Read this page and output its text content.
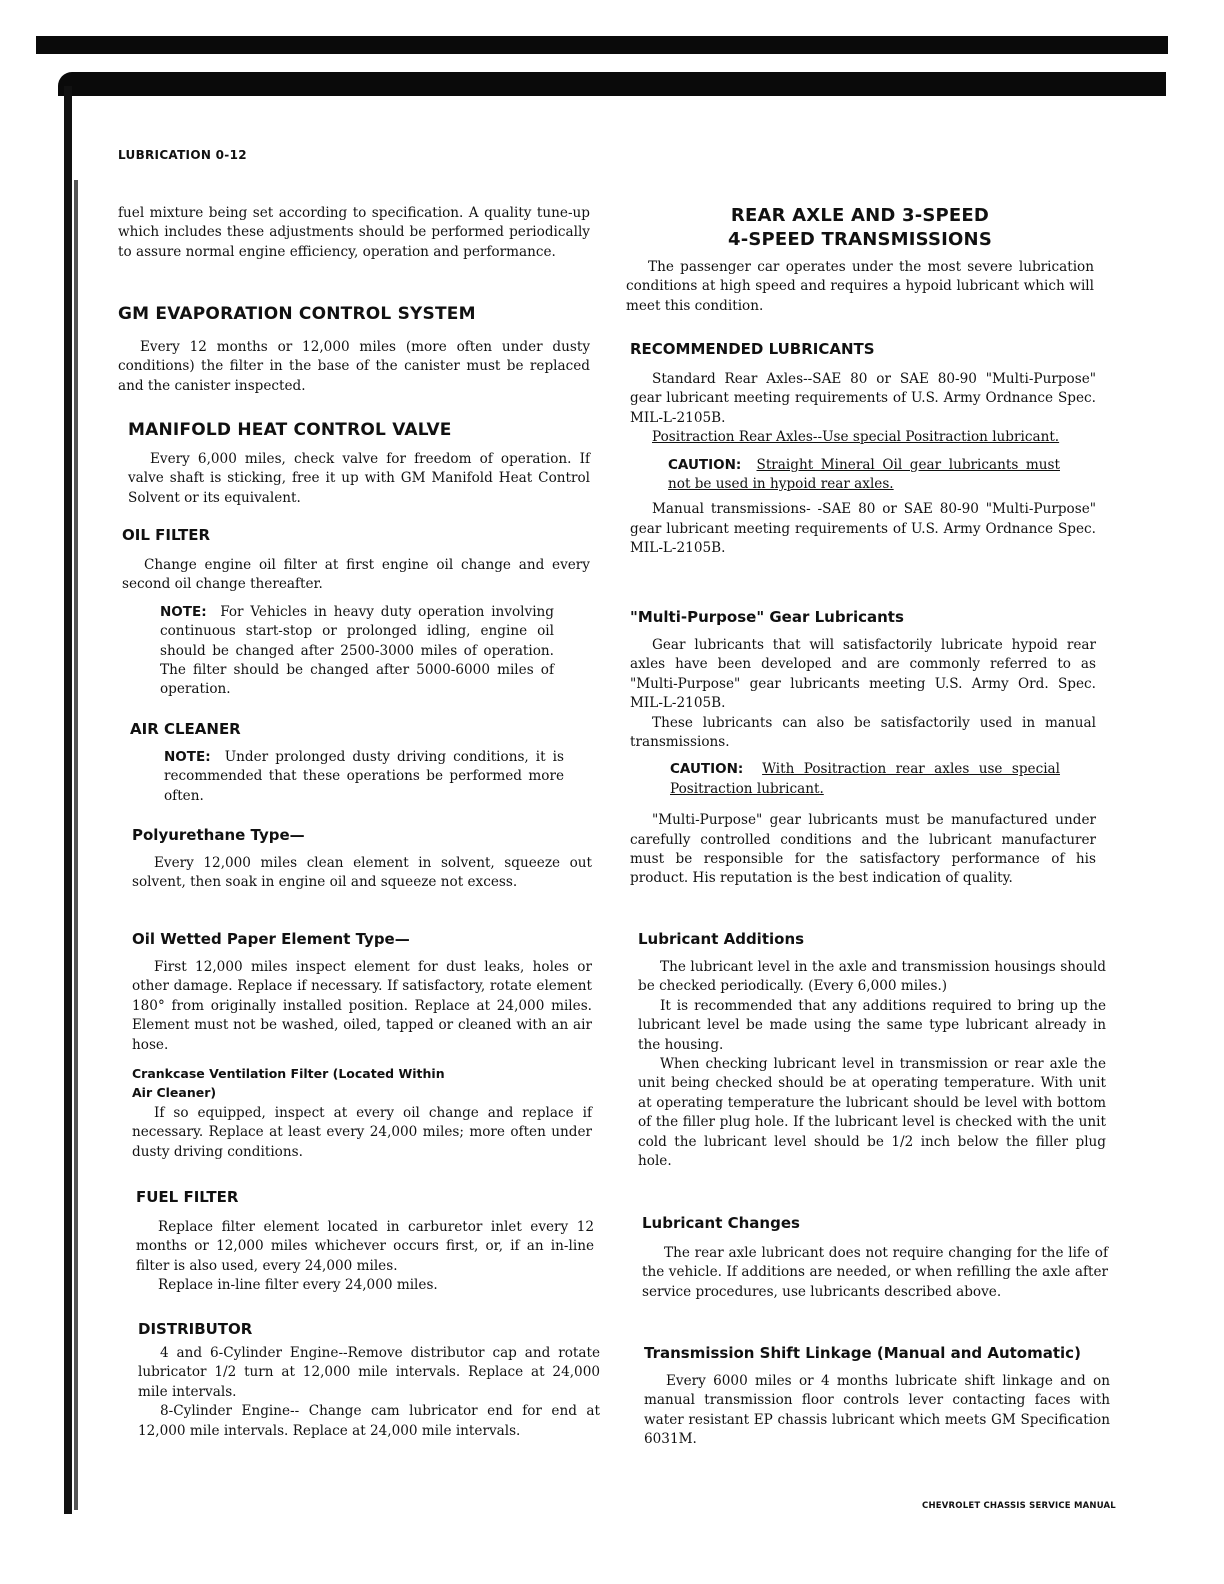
LUBRICATION 0-12

fuel mixture being set according to specification. A quality tune-up which includes these adjustments should be performed periodically to assure normal engine efficiency, operation and performance.

GM EVAPORATION CONTROL SYSTEM

Every 12 months or 12,000 miles (more often under dusty conditions) the filter in the base of the canister must be replaced and the canister inspected.

MANIFOLD HEAT CONTROL VALVE

Every 6,000 miles, check valve for freedom of operation. If valve shaft is sticking, free it up with GM Manifold Heat Control Solvent or its equivalent.

OIL FILTER

Change engine oil filter at first engine oil change and every second oil change thereafter.

NOTE: For Vehicles in heavy duty operation involving continuous start-stop or prolonged idling, engine oil should be changed after 2500-3000 miles of operation. The filter should be changed after 5000-6000 miles of operation.

AIR CLEANER

NOTE: Under prolonged dusty driving conditions, it is recommended that these operations be performed more often.

Polyurethane Type—

Every 12,000 miles clean element in solvent, squeeze out solvent, then soak in engine oil and squeeze not excess.

Oil Wetted Paper Element Type—

First 12,000 miles inspect element for dust leaks, holes or other damage. Replace if necessary. If satisfactory, rotate element 180° from originally installed position. Replace at 24,000 miles. Element must not be washed, oiled, tapped or cleaned with an air hose.

Crankcase Ventilation Filter (Located Within
Air Cleaner)

If so equipped, inspect at every oil change and replace if necessary. Replace at least every 24,000 miles; more often under dusty driving conditions.

FUEL FILTER

Replace filter element located in carburetor inlet every 12 months or 12,000 miles whichever occurs first, or, if an in-line filter is also used, every 24,000 miles.

Replace in-line filter every 24,000 miles.

DISTRIBUTOR

4 and 6-Cylinder Engine--Remove distributor cap and rotate lubricator 1/2 turn at 12,000 mile intervals. Replace at 24,000 mile intervals.

8-Cylinder Engine-- Change cam lubricator end for end at 12,000 mile intervals. Replace at 24,000 mile intervals.

REAR AXLE AND 3-SPEED
4-SPEED TRANSMISSIONS

The passenger car operates under the most severe lubrication conditions at high speed and requires a hypoid lubricant which will meet this condition.

RECOMMENDED LUBRICANTS

Standard Rear Axles--SAE 80 or SAE 80-90 "Multi-Purpose" gear lubricant meeting requirements of U.S. Army Ordnance Spec. MIL-L-2105B.

Positraction Rear Axles--Use special Positraction lubricant.

CAUTION: Straight Mineral Oil gear lubricants must not be used in hypoid rear axles.

Manual transmissions- -SAE 80 or SAE 80-90 "Multi-Purpose" gear lubricant meeting requirements of U.S. Army Ordnance Spec. MIL-L-2105B.

"Multi-Purpose" Gear Lubricants

Gear lubricants that will satisfactorily lubricate hypoid rear axles have been developed and are commonly referred to as "Multi-Purpose" gear lubricants meeting U.S. Army Ord. Spec. MIL-L-2105B.

These lubricants can also be satisfactorily used in manual transmissions.

CAUTION: With Positraction rear axles use special Positraction lubricant.

"Multi-Purpose" gear lubricants must be manufactured under carefully controlled conditions and the lubricant manufacturer must be responsible for the satisfactory performance of his product. His reputation is the best indication of quality.

Lubricant Additions

The lubricant level in the axle and transmission housings should be checked periodically. (Every 6,000 miles.)

It is recommended that any additions required to bring up the lubricant level be made using the same type lubricant already in the housing.

When checking lubricant level in transmission or rear axle the unit being checked should be at operating temperature. With unit at operating temperature the lubricant should be level with bottom of the filler plug hole. If the lubricant level is checked with the unit cold the lubricant level should be 1/2 inch below the filler plug hole.

Lubricant Changes

The rear axle lubricant does not require changing for the life of the vehicle. If additions are needed, or when refilling the axle after service procedures, use lubricants described above.

Transmission Shift Linkage (Manual and Automatic)

Every 6000 miles or 4 months lubricate shift linkage and on manual transmission floor controls lever contacting faces with water resistant EP chassis lubricant which meets GM Specification 6031M.

CHEVROLET CHASSIS SERVICE MANUAL
